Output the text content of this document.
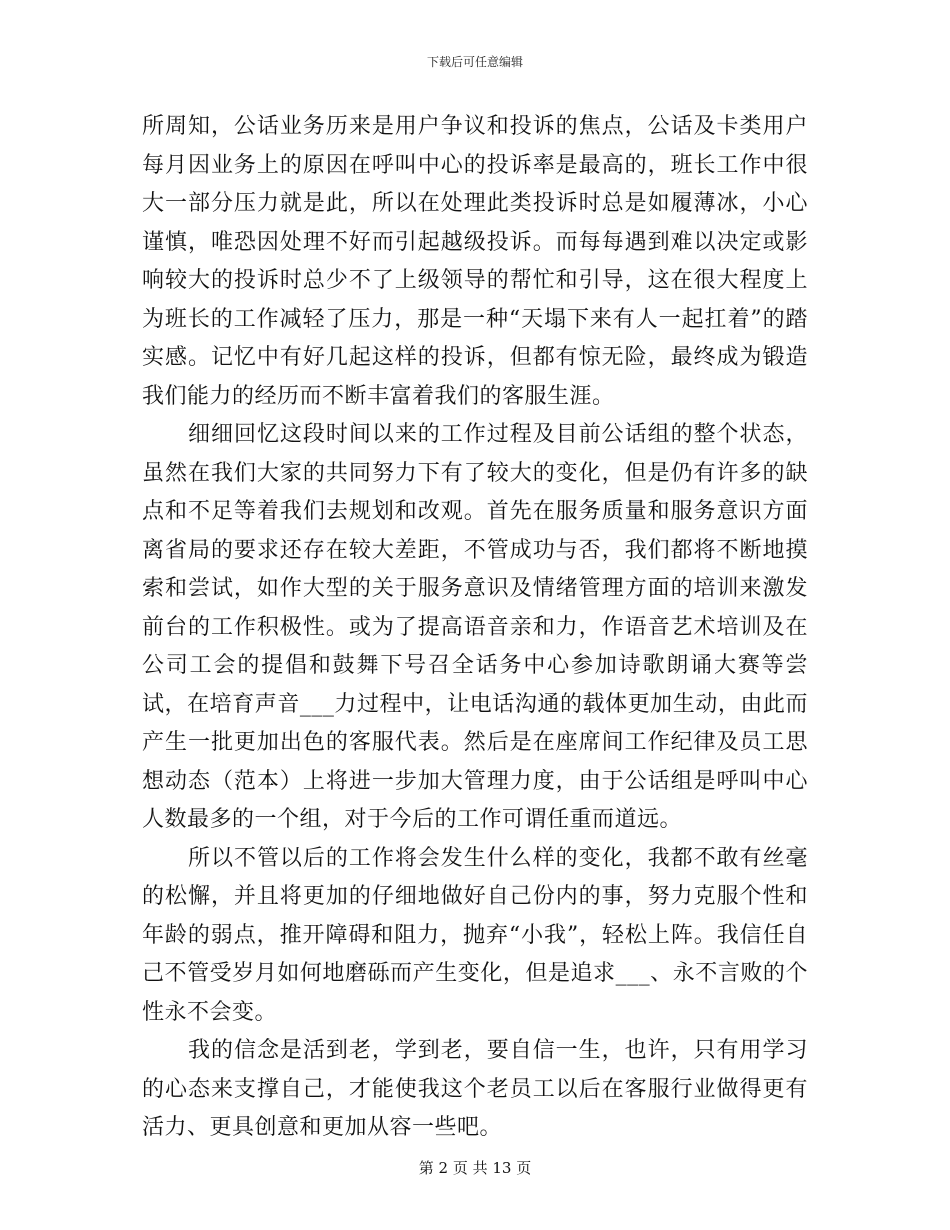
下载后可任意编辑

所周知，公话业务历来是用户争议和投诉的焦点，公话及卡类用户每月因业务上的原因在呼叫中心的投诉率是最高的，班长工作中很大一部分压力就是此，所以在处理此类投诉时总是如履薄冰，小心谨慎，唯恐因处理不好而引起越级投诉。而每每遇到难以决定或影响较大的投诉时总少不了上级领导的帮忙和引导，这在很大程度上为班长的工作减轻了压力，那是一种“天塌下来有人一起扛着”的踏实感。记忆中有好几起这样的投诉，但都有惊无险，最终成为锻造我们能力的经历而不断丰富着我们的客服生涯。

细细回忆这段时间以来的工作过程及目前公话组的整个状态，虽然在我们大家的共同努力下有了较大的变化，但是仍有许多的缺点和不足等着我们去规划和改观。首先在服务质量和服务意识方面离省局的要求还存在较大差距，不管成功与否，我们都将不断地摸索和尝试，如作大型的关于服务意识及情绪管理方面的培训来激发前台的工作积极性。或为了提高语音亲和力，作语音艺术培训及在公司工会的提倡和鼓舞下号召全话务中心参加诗歌朗诵大赛等尝试，在培育声音___力过程中，让电话沟通的载体更加生动，由此而产生一批更加出色的客服代表。然后是在座席间工作纪律及员工思想动态（范本）上将进一步加大管理力度，由于公话组是呼叫中心人数最多的一个组，对于今后的工作可谓任重而道远。

所以不管以后的工作将会发生什么样的变化，我都不敢有丝毫的松懈，并且将更加的仔细地做好自己份内的事，努力克服个性和年龄的弱点，推开障碍和阻力，抛弃“小我”，轻松上阵。我信任自己不管受岁月如何地磨砾而产生变化，但是追求___、永不言败的个性永不会变。

我的信念是活到老，学到老，要自信一生，也许，只有用学习的心态来支撑自己，才能使我这个老员工以后在客服行业做得更有活力、更具创意和更加从容一些吧。

第 2 页 共 13 页
